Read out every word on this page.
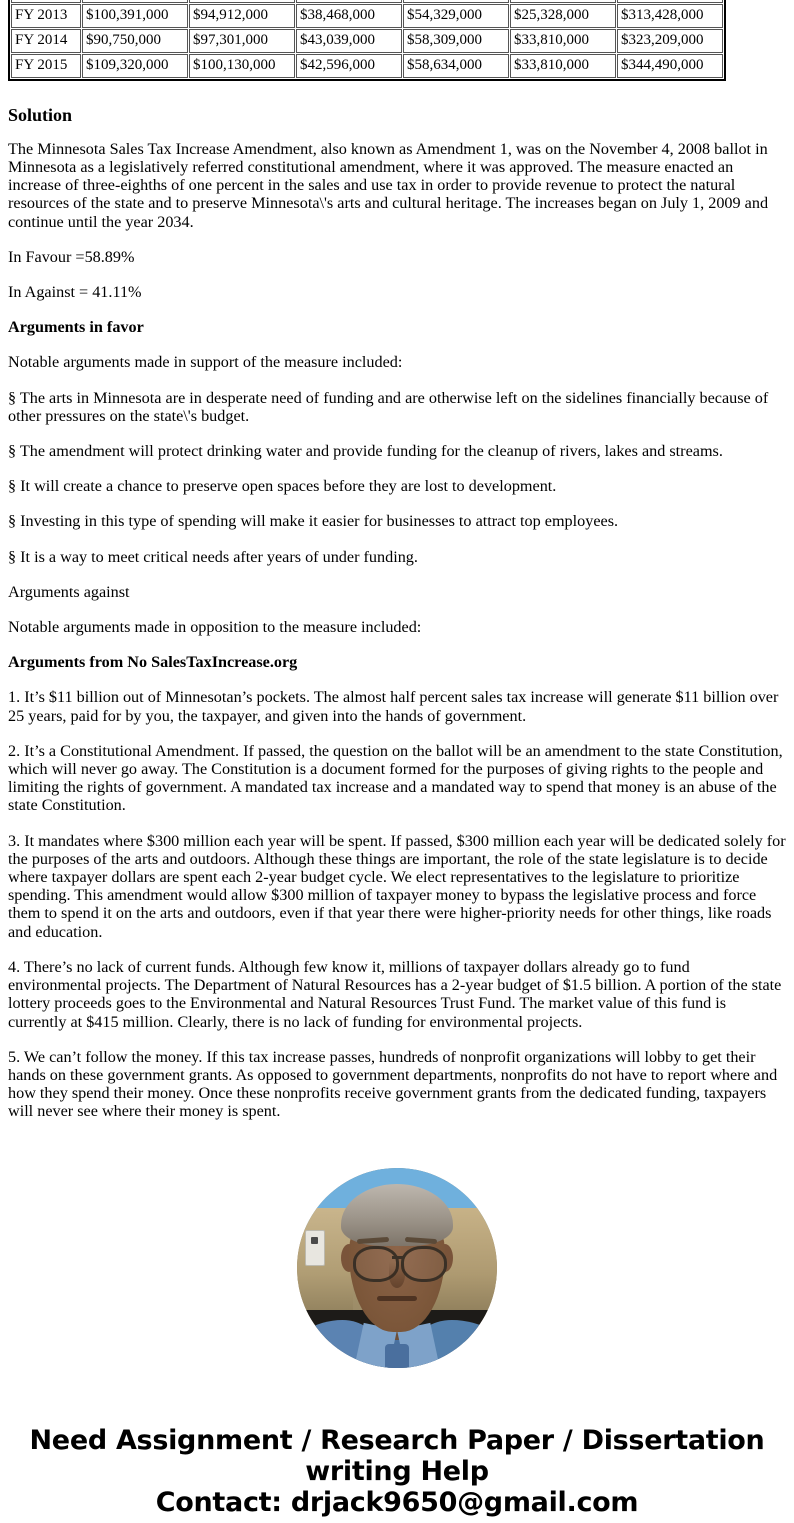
FY 2013	$100,391,000	$94,912,000	$38,468,000	$54,329,000	$25,328,000	$313,428,000
FY 2014	$90,750,000	$97,301,000	$43,039,000	$58,309,000	$33,810,000	$323,209,000
FY 2015	$109,320,000	$100,130,000	$42,596,000	$58,634,000	$33,810,000	$344,490,000
Solution

The Minnesota Sales Tax Increase Amendment, also known as Amendment 1, was on the November 4, 2008 ballot in Minnesota as a legislatively referred constitutional amendment, where it was approved. The measure enacted an increase of three-eighths of one percent in the sales and use tax in order to provide revenue to protect the natural resources of the state and to preserve Minnesota\'s arts and cultural heritage. The increases began on July 1, 2009 and continue until the year 2034.

In Favour =58.89%

In Against = 41.11%

Arguments in favor

Notable arguments made in support of the measure included:

§ The arts in Minnesota are in desperate need of funding and are otherwise left on the sidelines financially because of other pressures on the state\'s budget.

§ The amendment will protect drinking water and provide funding for the cleanup of rivers, lakes and streams.

§ It will create a chance to preserve open spaces before they are lost to development.

§ Investing in this type of spending will make it easier for businesses to attract top employees.

§ It is a way to meet critical needs after years of under funding.

Arguments against

Notable arguments made in opposition to the measure included:

Arguments from No SalesTaxIncrease.org

1. It’s $11 billion out of Minnesotan’s pockets. The almost half percent sales tax increase will generate $11 billion over 25 years, paid for by you, the taxpayer, and given into the hands of government.

2. It’s a Constitutional Amendment. If passed, the question on the ballot will be an amendment to the state Constitution, which will never go away. The Constitution is a document formed for the purposes of giving rights to the people and limiting the rights of government. A mandated tax increase and a mandated way to spend that money is an abuse of the state Constitution.

3. It mandates where $300 million each year will be spent. If passed, $300 million each year will be dedicated solely for the purposes of the arts and outdoors. Although these things are important, the role of the state legislature is to decide where taxpayer dollars are spent each 2-year budget cycle. We elect representatives to the legislature to prioritize spending. This amendment would allow $300 million of taxpayer money to bypass the legislative process and force them to spend it on the arts and outdoors, even if that year there were higher-priority needs for other things, like roads and education.

4. There’s no lack of current funds. Although few know it, millions of taxpayer dollars already go to fund environmental projects. The Department of Natural Resources has a 2-year budget of $1.5 billion. A portion of the state lottery proceeds goes to the Environmental and Natural Resources Trust Fund. The market value of this fund is currently at $415 million. Clearly, there is no lack of funding for environmental projects.

5. We can’t follow the money. If this tax increase passes, hundreds of nonprofit organizations will lobby to get their hands on these government grants. As opposed to government departments, nonprofits do not have to report where and how they spend their money. Once these nonprofits receive government grants from the dedicated funding, taxpayers will never see where their money is spent.

Need Assignment / Research Paper / Dissertation writing Help
Contact: drjack9650@gmail.com
